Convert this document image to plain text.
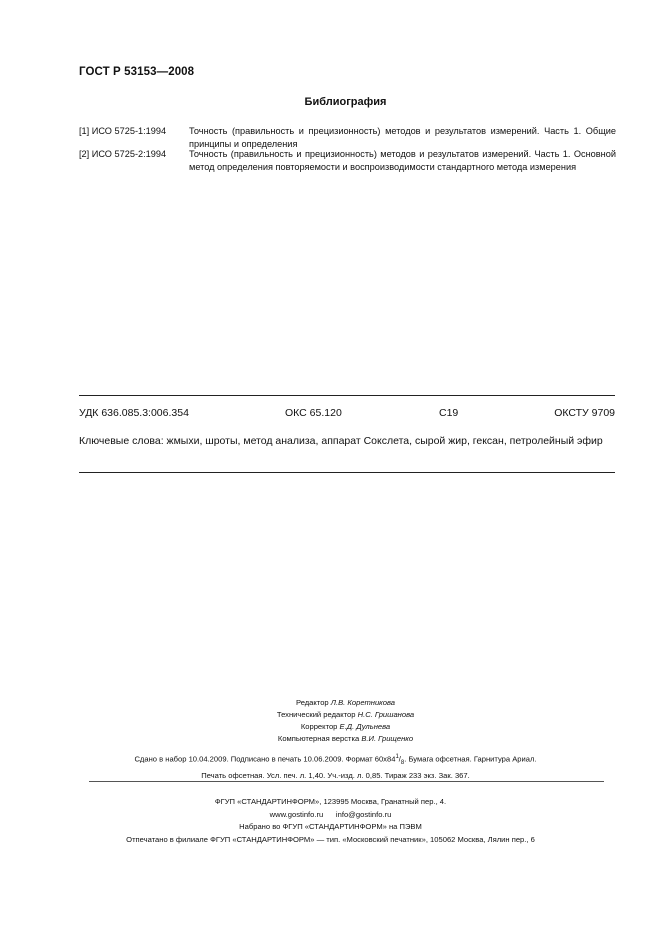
ГОСТ Р 53153—2008
Библиография
[1] ИСО 5725-1:1994 Точность (правильность и прецизионность) методов и результатов измерений. Часть 1. Общие принципы и определения
[2] ИСО 5725-2:1994 Точность (правильность и прецизионность) методов и результатов измерений. Часть 1. Основной метод определения повторяемости и воспроизводимости стандартного метода измерения
УДК 636.085.3:006.354	ОКС 65.120	С19	ОКСТУ 9709
Ключевые слова: жмыхи, шроты, метод анализа, аппарат Сокслета, сырой жир, гексан, петролейный эфир
Редактор Л.В. Коретникова
Технический редактор Н.С. Гришанова
Корректор Е.Д. Дульнева
Компьютерная верстка В.И. Грищенко
Сдано в набор 10.04.2009. Подписано в печать 10.06.2009. Формат $60x84^1/_8$. Бумага офсетная. Гарнитура Ариал.
Печать офсетная. Усл. печ. л. 1,40. Уч.-изд. л. 0,85. Тираж 233 экз. Зак. 367.
ФГУП «СТАНДАРТИНФОРМ», 123995 Москва, Гранатный пер., 4.
www.gostinfo.ru info@gostinfo.ru
Набрано во ФГУП «СТАНДАРТИНФОРМ» на ПЭВМ
Отпечатано в филиале ФГУП «СТАНДАРТИНФОРМ» — тип. «Московский печатник», 105062 Москва, Лялин пер., 6
